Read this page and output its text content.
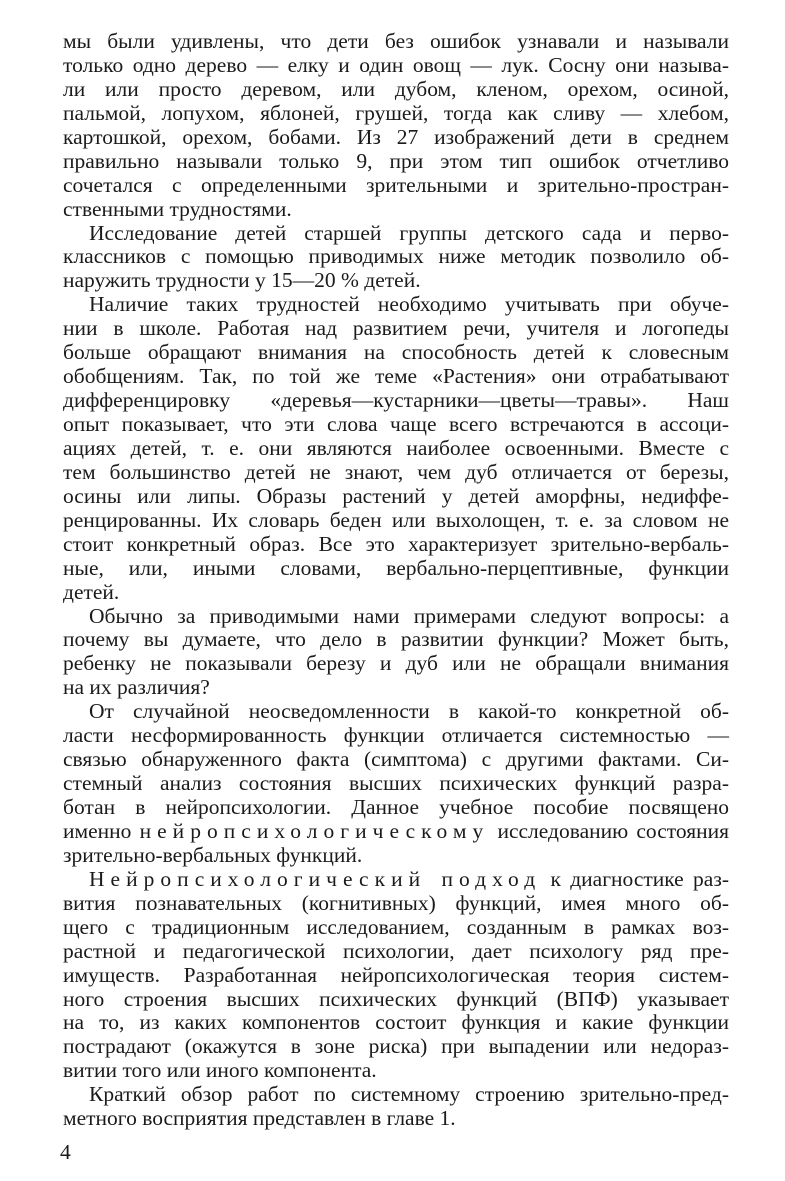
мы были удивлены, что дети без ошибок узнавали и называли
только одно дерево — елку и один овощ — лук. Сосну они называ-
ли или просто деревом, или дубом, кленом, орехом, осиной,
пальмой, лопухом, яблоней, грушей, тогда как сливу — хлебом,
картошкой, орехом, бобами. Из 27 изображений дети в среднем
правильно называли только 9, при этом тип ошибок отчетливо
сочетался с определенными зрительными и зрительно-простран-
ственными трудностями.
Исследование детей старшей группы детского сада и перво-
классников с помощью приводимых ниже методик позволило об-
наружить трудности у 15—20 % детей.
Наличие таких трудностей необходимо учитывать при обуче-
нии в школе. Работая над развитием речи, учителя и логопеды
больше обращают внимания на способность детей к словесным
обобщениям. Так, по той же теме «Растения» они отрабатывают
дифференцировку «деревья—кустарники—цветы—травы». Наш
опыт показывает, что эти слова чаще всего встречаются в ассоци-
ациях детей, т. е. они являются наиболее освоенными. Вместе с
тем большинство детей не знают, чем дуб отличается от березы,
осины или липы. Образы растений у детей аморфны, недиффе-
ренцированны. Их словарь беден или выхолощен, т. е. за словом не
стоит конкретный образ. Все это характеризует зрительно-вербаль-
ные, или, иными словами, вербально-перцептивные, функции
детей.
Обычно за приводимыми нами примерами следуют вопросы: а
почему вы думаете, что дело в развитии функции? Может быть,
ребенку не показывали березу и дуб или не обращали внимания
на их различия?
От случайной неосведомленности в какой-то конкретной об-
ласти несформированность функции отличается системностью —
связью обнаруженного факта (симптома) с другими фактами. Си-
стемный анализ состояния высших психических функций разра-
ботан в нейропсихологии. Данное учебное пособие посвящено
именно нейропсихологическому исследованию состояния
зрительно-вербальных функций.
Нейропсихологический подход к диагностике раз-
вития познавательных (когнитивных) функций, имея много об-
щего с традиционным исследованием, созданным в рамках воз-
растной и педагогической психологии, дает психологу ряд пре-
имуществ. Разработанная нейропсихологическая теория систем-
ного строения высших психических функций (ВПФ) указывает
на то, из каких компонентов состоит функция и какие функции
пострадают (окажутся в зоне риска) при выпадении или недораз-
витии того или иного компонента.
Краткий обзор работ по системному строению зрительно-пред-
метного восприятия представлен в главе 1.
4
